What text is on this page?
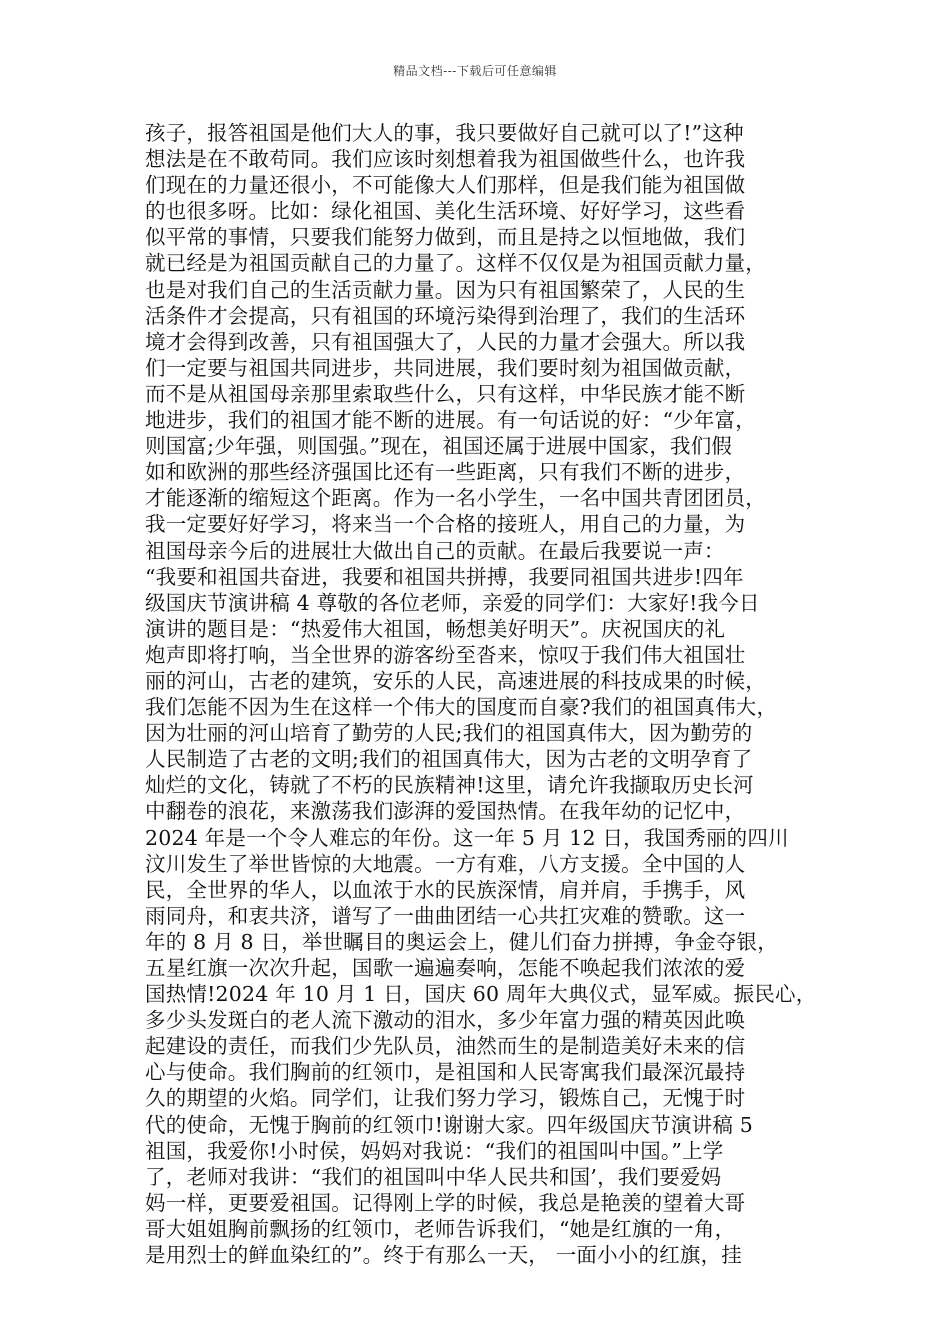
精品文档---下载后可任意编辑
孩子，报答祖国是他们大人的事，我只要做好自己就可以了!”这种
想法是在不敢苟同。我们应该时刻想着我为祖国做些什么，也许我
们现在的力量还很小，不可能像大人们那样，但是我们能为祖国做
的也很多呀。比如：绿化祖国、美化生活环境、好好学习，这些看
似平常的事情，只要我们能努力做到，而且是持之以恒地做，我们
就已经是为祖国贡献自己的力量了。这样不仅仅是为祖国贡献力量，
也是对我们自己的生活贡献力量。因为只有祖国繁荣了，人民的生
活条件才会提高，只有祖国的环境污染得到治理了，我们的生活环
境才会得到改善，只有祖国强大了，人民的力量才会强大。所以我
们一定要与祖国共同进步，共同进展，我们要时刻为祖国做贡献，
而不是从祖国母亲那里索取些什么，只有这样，中华民族才能不断
地进步，我们的祖国才能不断的进展。有一句话说的好：“少年富，
则国富;少年强，则国强。”现在，祖国还属于进展中国家，我们假
如和欧洲的那些经济强国比还有一些距离，只有我们不断的进步，
才能逐渐的缩短这个距离。作为一名小学生，一名中国共青团团员，
我一定要好好学习，将来当一个合格的接班人，用自己的力量，为
祖国母亲今后的进展壮大做出自己的贡献。在最后我要说一声：
“我要和祖国共奋进，我要和祖国共拼搏，我要同祖国共进步!四年
级国庆节演讲稿 4 尊敬的各位老师，亲爱的同学们：大家好!我今日
演讲的题目是：“热爱伟大祖国，畅想美好明天”。庆祝国庆的礼
炮声即将打响，当全世界的游客纷至沓来，惊叹于我们伟大祖国壮
丽的河山，古老的建筑，安乐的人民，高速进展的科技成果的时候，
我们怎能不因为生在这样一个伟大的国度而自豪?我们的祖国真伟大，
因为壮丽的河山培育了勤劳的人民;我们的祖国真伟大，因为勤劳的
人民制造了古老的文明;我们的祖国真伟大，因为古老的文明孕育了
灿烂的文化，铸就了不朽的民族精神!这里，请允许我撷取历史长河
中翻卷的浪花，来激荡我们澎湃的爱国热情。在我年幼的记忆中，
2024 年是一个令人难忘的年份。这一年 5 月 12 日，我国秀丽的四川
汶川发生了举世皆惊的大地震。一方有难，八方支援。全中国的人
民，全世界的华人，以血浓于水的民族深情，肩并肩，手携手，风
雨同舟，和衷共济，谱写了一曲曲团结一心共扛灾难的赞歌。这一
年的 8 月 8 日，举世瞩目的奥运会上，健儿们奋力拼搏，争金夺银，
五星红旗一次次升起，国歌一遍遍奏响，怎能不唤起我们浓浓的爱
国热情!2024 年 10 月 1 日，国庆 60 周年大典仪式，显军威。振民心，
多少头发斑白的老人流下激动的泪水，多少年富力强的精英因此唤
起建设的责任，而我们少先队员，油然而生的是制造美好未来的信
心与使命。我们胸前的红领巾，是祖国和人民寄寓我们最深沉最持
久的期望的火焰。同学们，让我们努力学习，锻炼自己，无愧于时
代的使命，无愧于胸前的红领巾!谢谢大家。四年级国庆节演讲稿 5
祖国，我爱你!小时侯，妈妈对我说：“我们的祖国叫中国。”上学
了，老师对我讲：“我们的祖国叫中华人民共和国’，我们要爱妈
妈一样，更要爱祖国。记得刚上学的时候，我总是艳羡的望着大哥
哥大姐姐胸前飘扬的红领巾，老师告诉我们，“她是红旗的一角，
是用烈士的鲜血染红的”。终于有那么一天， 一面小小的红旗，挂
